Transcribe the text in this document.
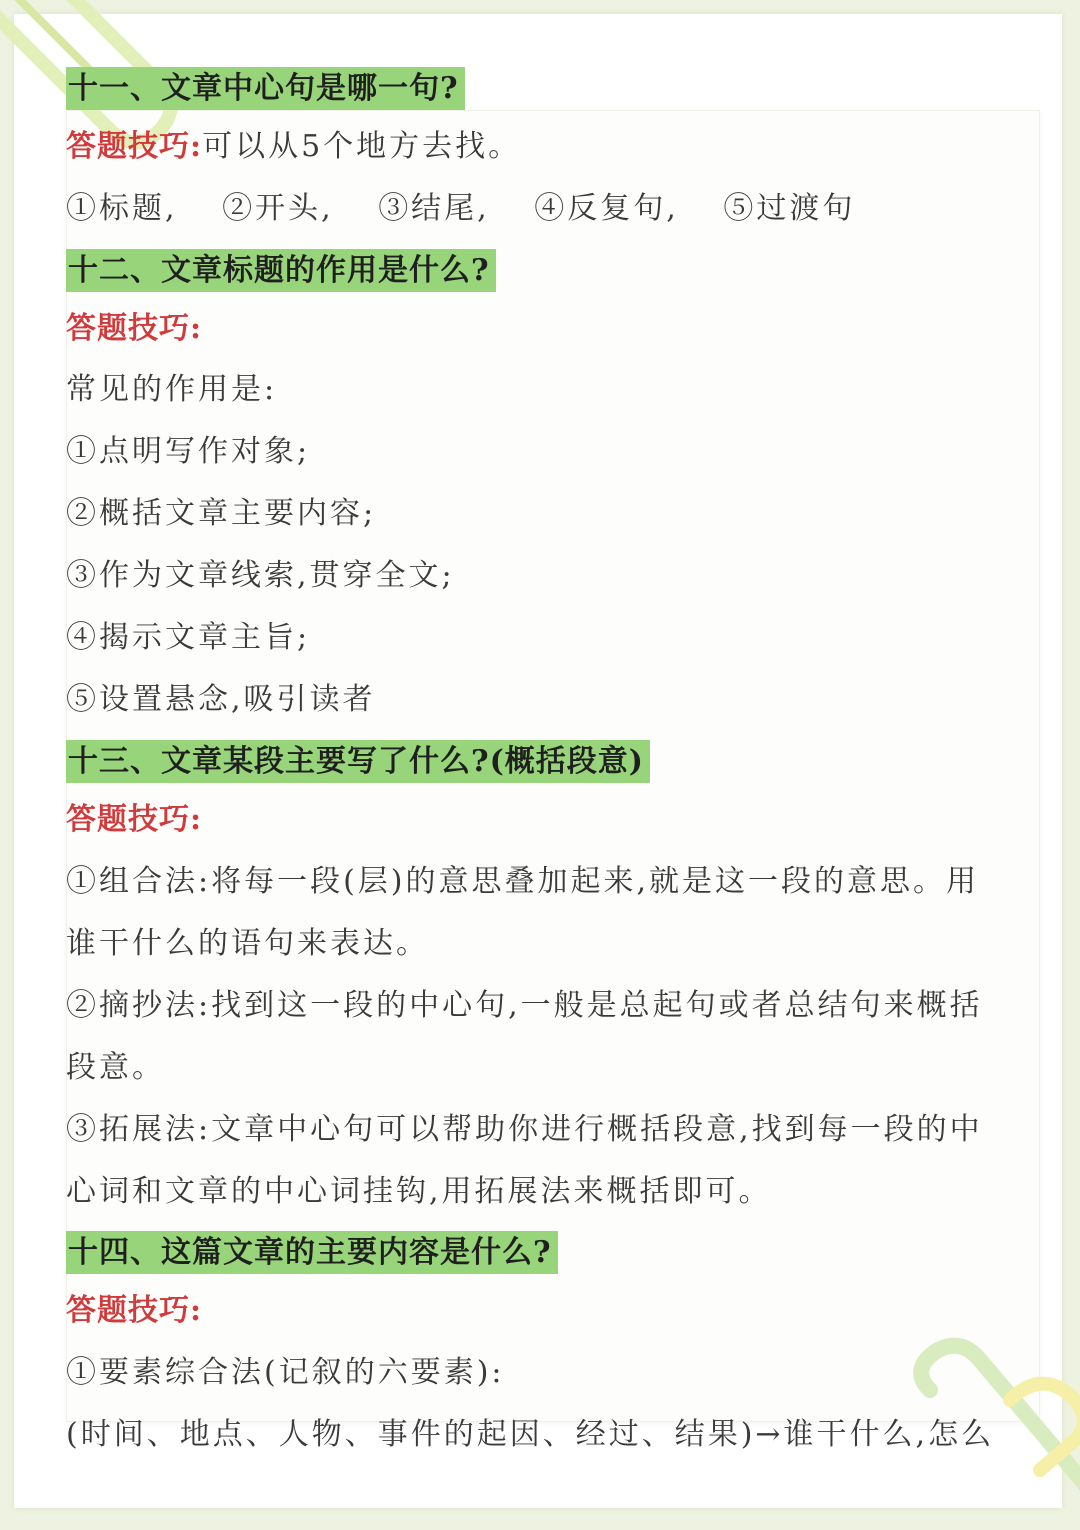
十一、文章中心句是哪一句?
答题技巧:可以从5个地方去找。
①标题, ②开头, ③结尾, ④反复句, ⑤过渡句
十二、文章标题的作用是什么?
答题技巧:
常见的作用是:
①点明写作对象;
②概括文章主要内容;
③作为文章线索,贯穿全文;
④揭示文章主旨;
⑤设置悬念,吸引读者
十三、文章某段主要写了什么?(概括段意)
答题技巧:
①组合法:将每一段(层)的意思叠加起来,就是这一段的意思。用
谁干什么的语句来表达。
②摘抄法:找到这一段的中心句,一般是总起句或者总结句来概括
段意。
③拓展法:文章中心句可以帮助你进行概括段意,找到每一段的中
心词和文章的中心词挂钩,用拓展法来概括即可。
十四、这篇文章的主要内容是什么?
答题技巧:
①要素综合法(记叙的六要素):
(时间、地点、人物、事件的起因、经过、结果)→谁干什么,怎么
